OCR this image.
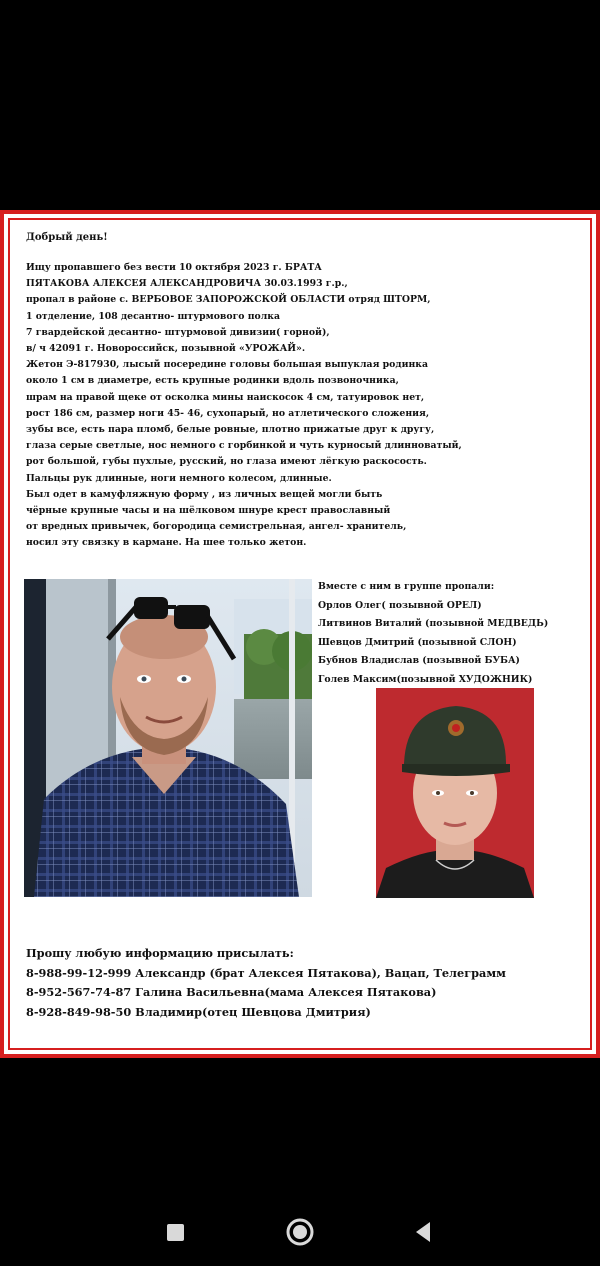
Добрый день!
Ищу пропавшего без вести 10 октября 2023 г. БРАТА
ПЯТАКОВА АЛЕКСЕЯ АЛЕКСАНДРОВИЧА 30.03.1993 г.р.,
пропал в районе с. ВЕРБОВОЕ ЗАПОРОЖСКОЙ ОБЛАСТИ отряд ШТОРМ,
1 отделение, 108 десантно- штурмового полка
7 гвардейской десантно- штурмовой дивизии( горной),
в/ ч 42091 г. Новороссийск, позывной «УРОЖАЙ».
Жетон Э-817930, лысый посередине головы большая выпуклая родинка
около 1 см в диаметре, есть крупные родинки вдоль позвоночника,
шрам на правой щеке от осколка мины наискосок 4 см, татуировок нет,
рост 186 см, размер ноги 45- 46, сухопарый, но атлетического сложения,
зубы все, есть пара пломб, белые ровные, плотно прижатые друг к другу,
глаза серые светлые, нос немного с горбинкой и чуть курносый длинноватый,
рот большой, губы пухлые, русский, но глаза имеют лёгкую раскосость.
Пальцы рук длинные, ноги немного колесом, длинные.
Был одет в камуфляжную форму , из личных вещей могли быть
чёрные крупные часы и на шёлковом шнуре крест православный
от вредных привычек, богородица семистрельная, ангел- хранитель,
носил эту связку в кармане. На шее только жетон.
Вместе с ним в группе пропали:
Орлов Олег( позывной ОРЕЛ)
Литвинов Виталий (позывной МЕДВЕДЬ)
Шевцов Дмитрий (позывной СЛОН)
Бубнов Владислав (позывной БУБА)
Голев Максим(позывной ХУДОЖНИК)
Прошу любую информацию присылать:
8-988-99-12-999 Александр (брат Алексея Пятакова), Вацап, Телеграмм
8-952-567-74-87 Галина Васильевна(мама Алексея Пятакова)
8-928-849-98-50 Владимир(отец Шевцова Дмитрия)
